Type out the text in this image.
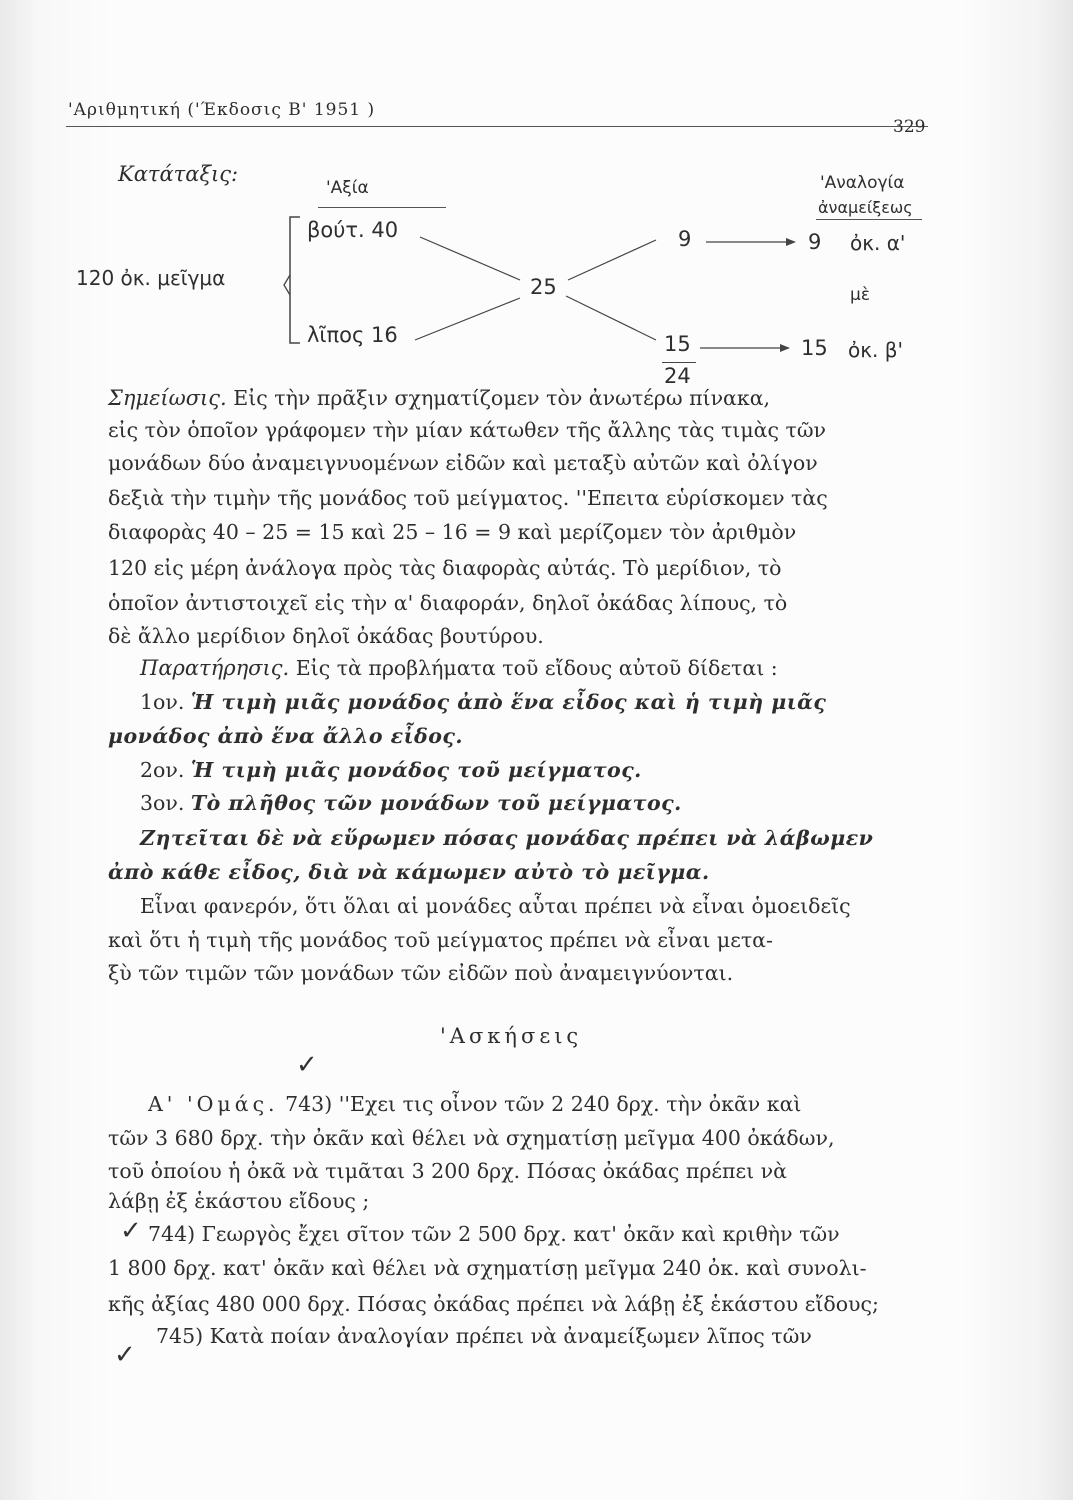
'Αριθμητική ('Έκδοσις Β' 1951 )
329
Κατάταξις:
'Αξία	'Αναλογία
ἀναμείξεως
120 ὀκ. μεῖγμα
βούτ. 40
λῖπος 16
25
9
15
24
9 ὀκ. α'
μὲ
15 ὀκ. β'
Σημείωσις. Εἰς τὴν πρᾶξιν σχηματίζομεν τὸν ἀνωτέρω πίνακα,
εἰς τὸν ὁποῖον γράφομεν τὴν μίαν κάτωθεν τῆς ἄλλης τὰς τιμὰς τῶν
μονάδων δύο ἀναμειγνυομένων εἰδῶν καὶ μεταξὺ αὐτῶν καὶ ὀλίγον
δεξιὰ τὴν τιμὴν τῆς μονάδος τοῦ μείγματος. ''Επειτα εὑρίσκομεν τὰς
διαφορὰς 40 – 25 = 15 καὶ 25 – 16 = 9 καὶ μερίζομεν τὸν ἀριθμὸν
120 εἰς μέρη ἀνάλογα πρὸς τὰς διαφορὰς αὐτάς. Τὸ μερίδιον, τὸ
ὁποῖον ἀντιστοιχεῖ εἰς τὴν α' διαφοράν, δηλοῖ ὀκάδας λίπους, τὸ
δὲ ἄλλο μερίδιον δηλοῖ ὀκάδας βουτύρου.
Παρατήρησις. Εἰς τὰ προβλήματα τοῦ εἴδους αὐτοῦ δίδεται :
1ον. Ἡ τιμὴ μιᾶς μονάδος ἀπὸ ἕνα εἶδος καὶ ἡ τιμὴ μιᾶς
μονάδος ἀπὸ ἕνα ἄλλο εἶδος.
2ον. Ἡ τιμὴ μιᾶς μονάδος τοῦ μείγματος.
3ον. Τὸ πλῆθος τῶν μονάδων τοῦ μείγματος.
Ζητεῖται δὲ νὰ εὕρωμεν πόσας μονάδας πρέπει νὰ λάβωμεν
ἀπὸ κάθε εἶδος, διὰ νὰ κάμωμεν αὐτὸ τὸ μεῖγμα.
Εἶναι φανερόν, ὅτι ὅλαι αἱ μονάδες αὗται πρέπει νὰ εἶναι ὁμοειδεῖς
καὶ ὅτι ἡ τιμὴ τῆς μονάδος τοῦ μείγματος πρέπει νὰ εἶναι μετα-
ξὺ τῶν τιμῶν τῶν μονάδων τῶν εἰδῶν ποὺ ἀναμειγνύονται.
'Ασκήσεις
✓
Α' 'Ομάς. 743) ''Εχει τις οἶνον τῶν 2 240 δρχ. τὴν ὀκᾶν καὶ
τῶν 3 680 δρχ. τὴν ὀκᾶν καὶ θέλει νὰ σχηματίσῃ μεῖγμα 400 ὀκάδων,
τοῦ ὁποίου ἡ ὀκᾶ νὰ τιμᾶται 3 200 δρχ. Πόσας ὀκάδας πρέπει νὰ
λάβῃ ἐξ ἑκάστου εἴδους ;
✓ 744) Γεωργὸς ἔχει σῖτον τῶν 2 500 δρχ. κατ' ὀκᾶν καὶ κριθὴν τῶν
1 800 δρχ. κατ' ὀκᾶν καὶ θέλει νὰ σχηματίσῃ μεῖγμα 240 ὀκ. καὶ συνολι-
κῆς ἀξίας 480 000 δρχ. Πόσας ὀκάδας πρέπει νὰ λάβῃ ἐξ ἑκάστου εἴδους;
745) Κατὰ ποίαν ἀναλογίαν πρέπει νὰ ἀναμείξωμεν λῖπος τῶν
✓
